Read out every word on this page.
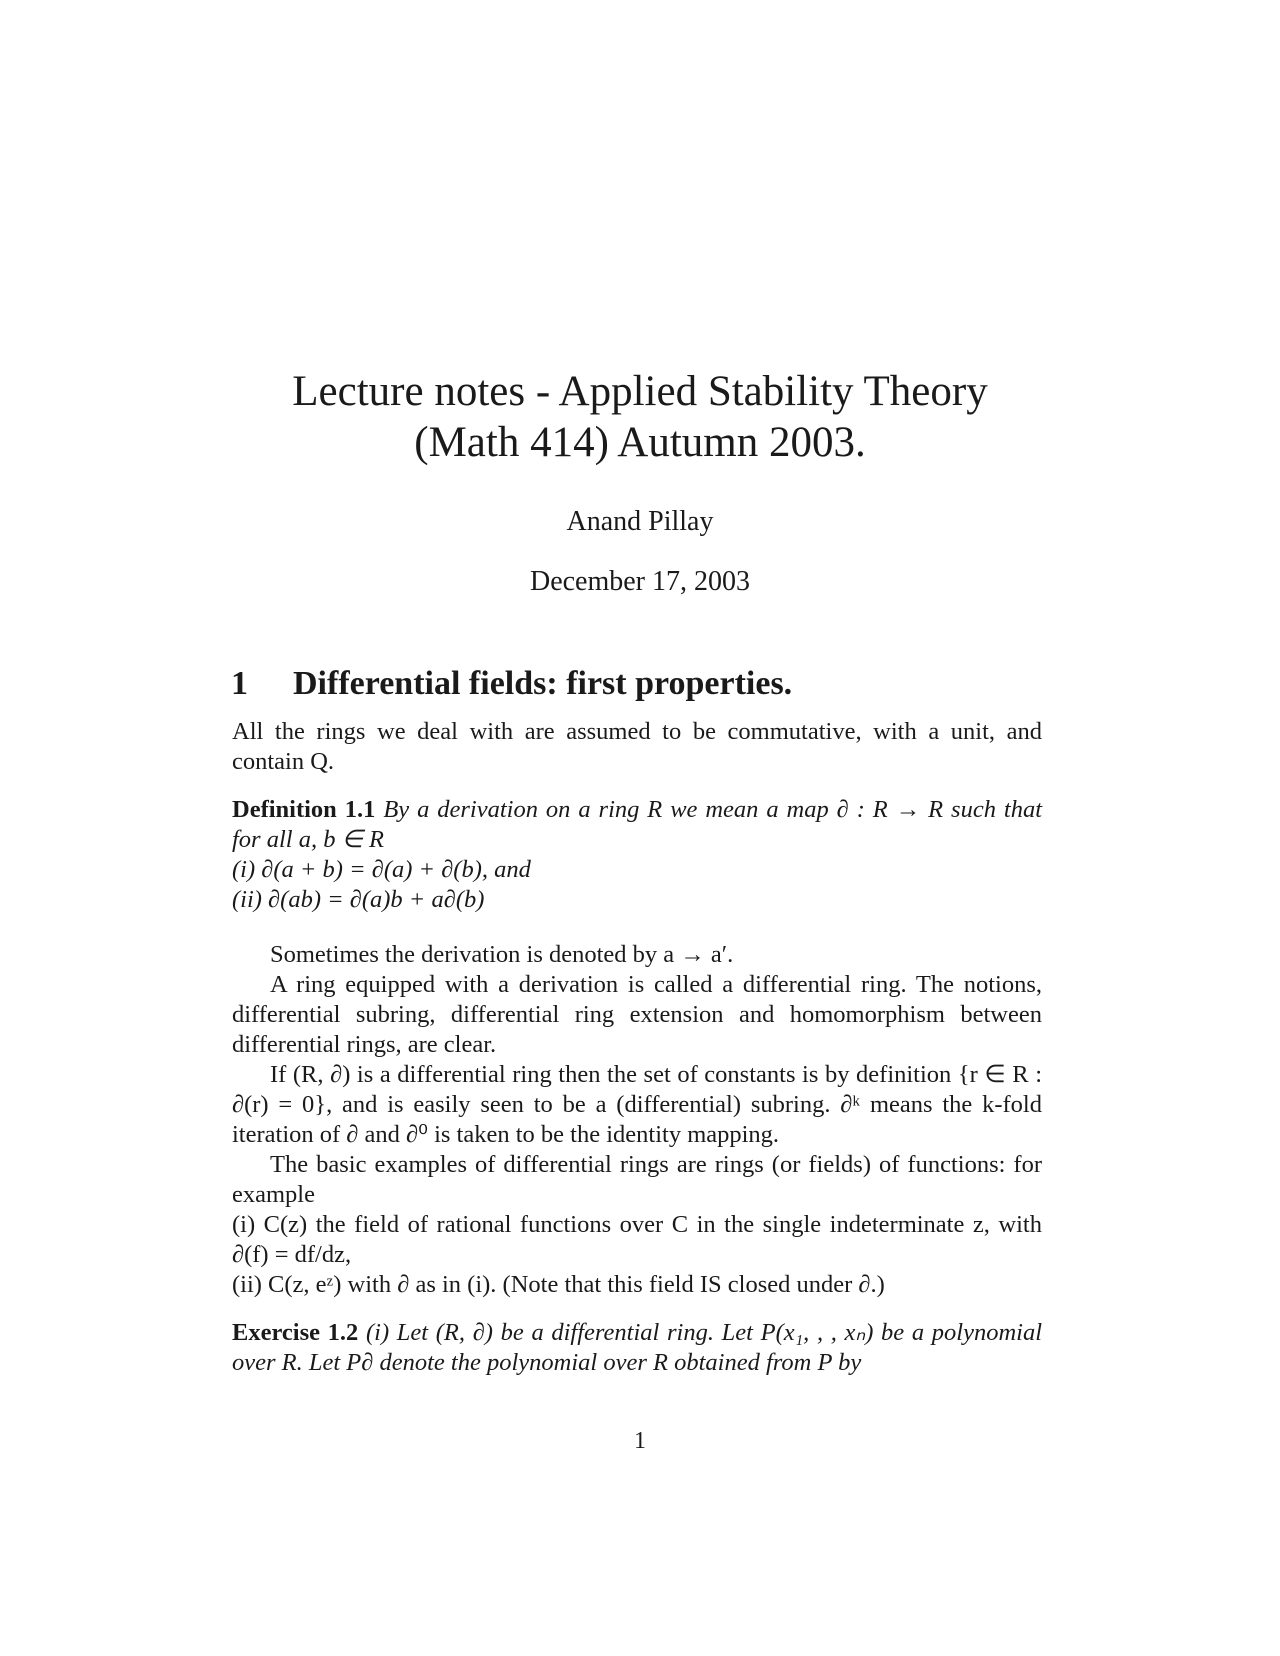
Lecture notes - Applied Stability Theory
(Math 414) Autumn 2003.
Anand Pillay
December 17, 2003
1 Differential fields: first properties.
All the rings we deal with are assumed to be commutative, with a unit, and contain Q.
Definition 1.1 By a derivation on a ring R we mean a map ∂ : R → R such that for all a, b ∈ R
(i) ∂(a + b) = ∂(a) + ∂(b), and
(ii) ∂(ab) = ∂(a)b + a∂(b)
Sometimes the derivation is denoted by a → a′.
A ring equipped with a derivation is called a differential ring. The notions, differential subring, differential ring extension and homomorphism between differential rings, are clear.
If (R, ∂) is a differential ring then the set of constants is by definition {r ∈ R : ∂(r) = 0}, and is easily seen to be a (differential) subring. ∂ᵏ means the k-fold iteration of ∂ and ∂⁰ is taken to be the identity mapping.
The basic examples of differential rings are rings (or fields) of functions: for example
(i) C(z) the field of rational functions over C in the single indeterminate z, with ∂(f) = df/dz,
(ii) C(z, eᶻ) with ∂ as in (i). (Note that this field IS closed under ∂.)
Exercise 1.2 (i) Let (R, ∂) be a differential ring. Let P(x₁, , , xₙ) be a polynomial over R. Let P∂ denote the polynomial over R obtained from P by
1
